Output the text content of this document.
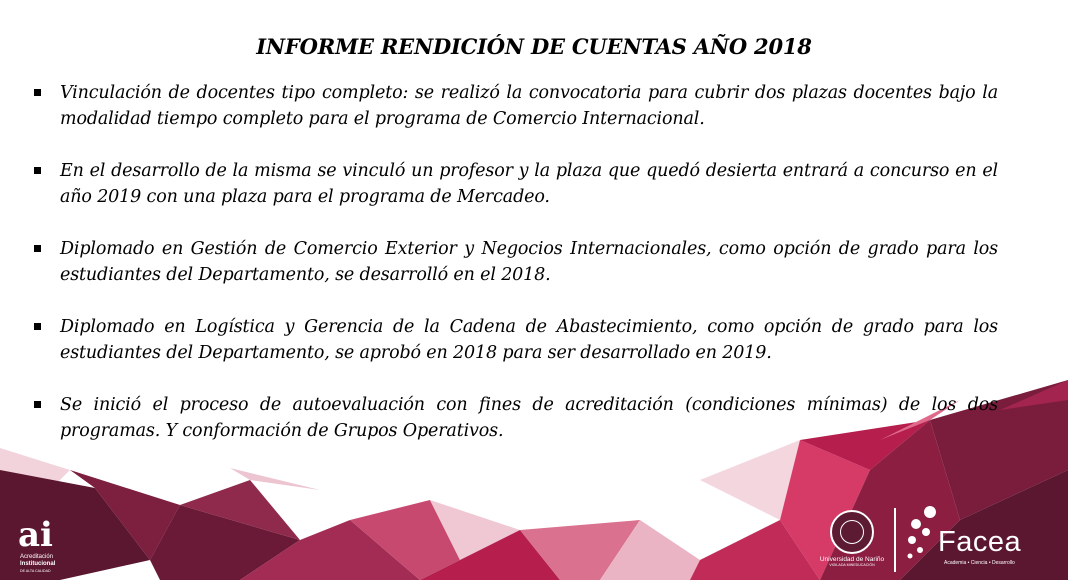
INFORME RENDICIÓN DE CUENTAS AÑO 2018
Vinculación de docentes tipo completo: se realizó la convocatoria para cubrir dos plazas docentes bajo la modalidad tiempo completo para el programa de Comercio Internacional.
En el desarrollo de la misma se vinculó un profesor y la plaza que quedó desierta entrará a concurso en el año 2019 con una plaza para el programa de Mercadeo.
Diplomado en Gestión de Comercio Exterior y Negocios Internacionales, como opción de grado para los estudiantes del Departamento, se desarrolló en el 2018.
Diplomado en Logística y Gerencia de la Cadena de Abastecimiento, como opción de grado para los estudiantes del Departamento, se aprobó en 2018 para ser desarrollado en 2019.
Se inició el proceso de autoevaluación con fines de acreditación (condiciones mínimas) de los dos programas. Y conformación de Grupos Operativos.
ai
Acreditación
Institucional
DE ALTA CALIDAD
Universidad de Nariño
VIGILADA MINEDUCACIÓN
Facea
Academia • Ciencia • Desarrollo
